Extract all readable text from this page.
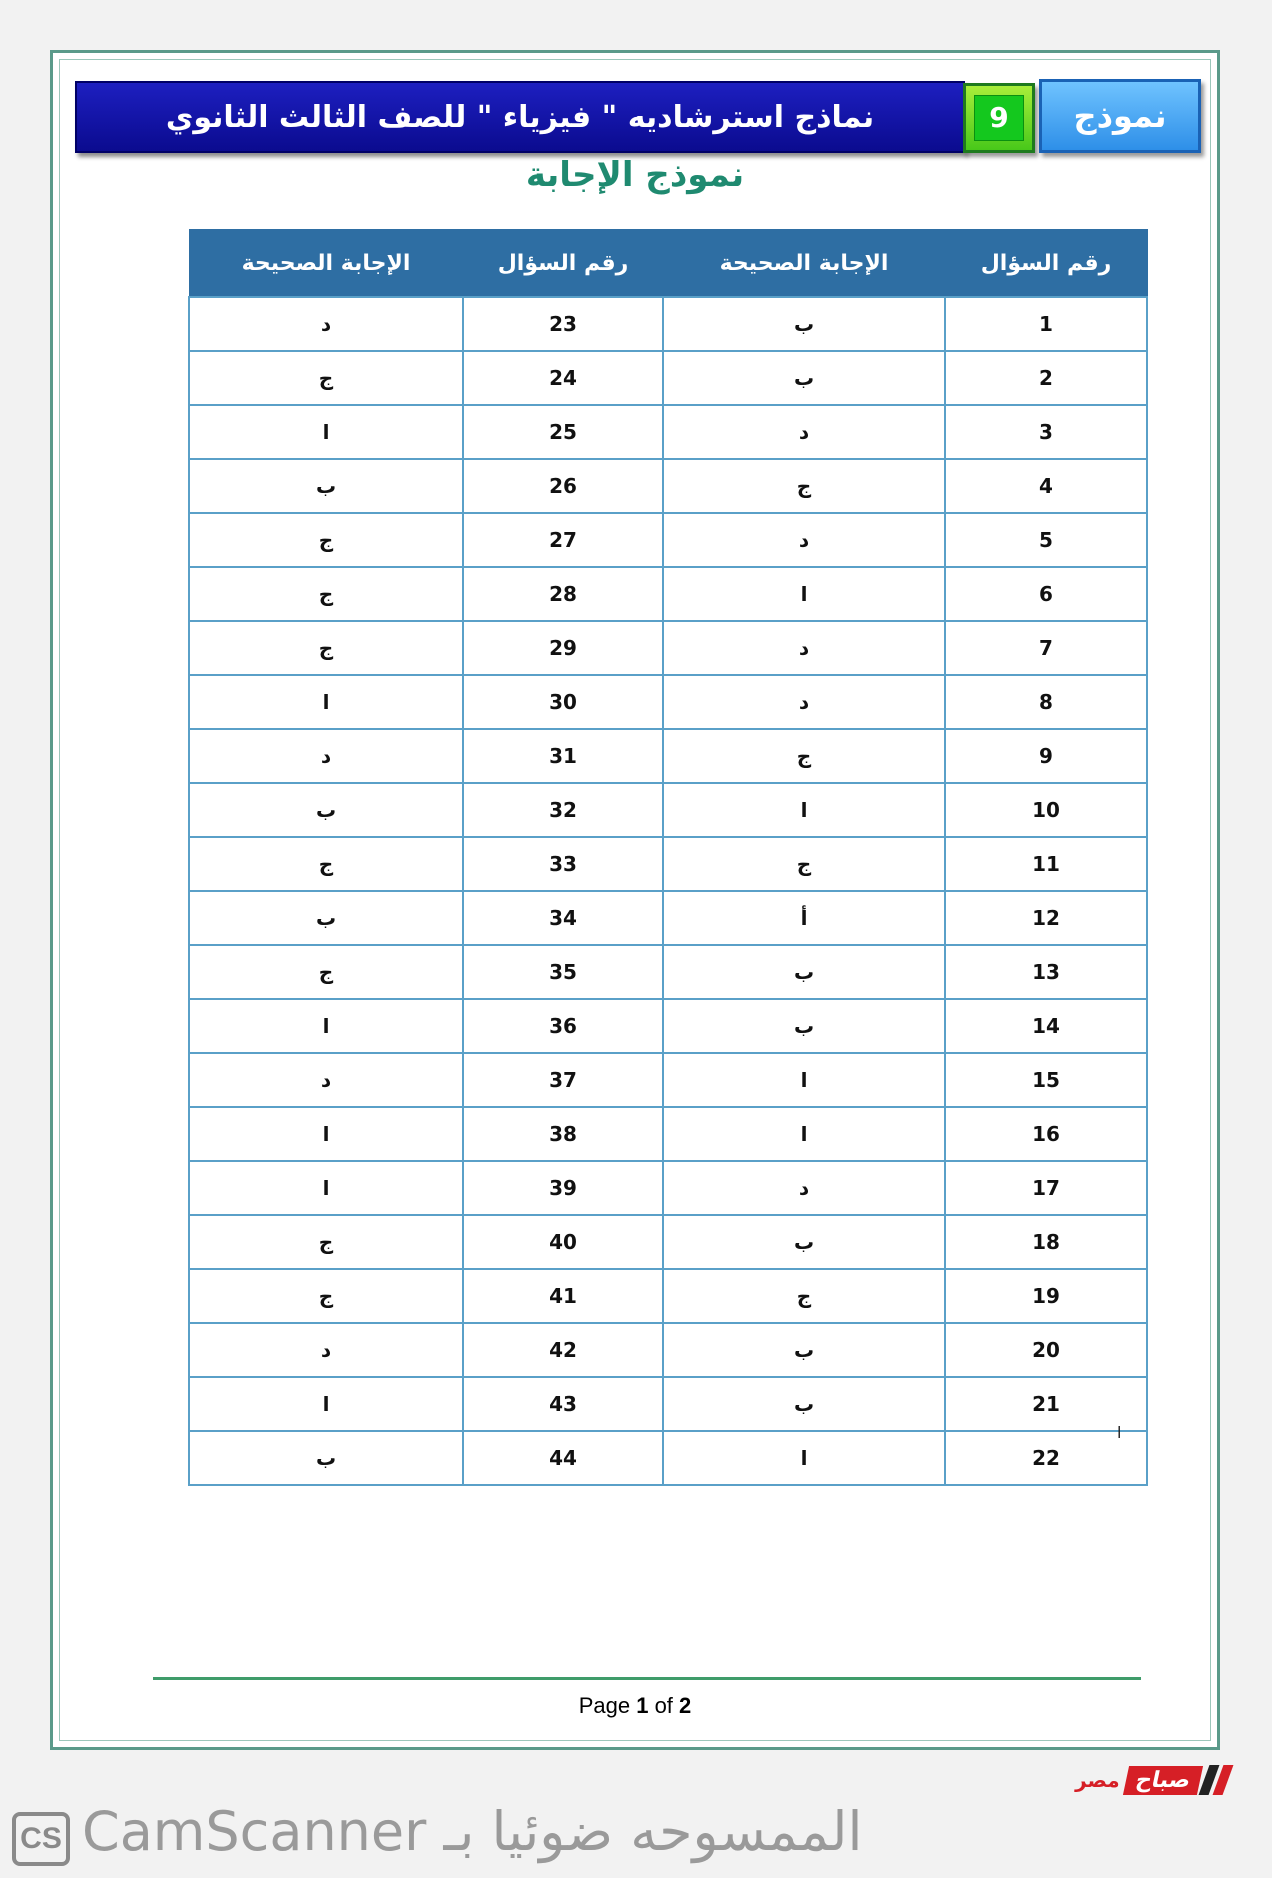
نماذج استرشاديه " فيزياء " للصف الثالث الثانوي	9	نموذج
نموذج الإجابة
رقم السؤال	الإجابة الصحيحة	رقم السؤال	الإجابة الصحيحة
1	ب	23	د
2	ب	24	ج
3	د	25	ا
4	ج	26	ب
5	د	27	ج
6	ا	28	ج
7	د	29	ج
8	د	30	ا
9	ج	31	د
10	ا	32	ب
11	ج	33	ج
12	أ	34	ب
13	ب	35	ج
14	ب	36	ا
15	ا	37	د
16	ا	38	ا
17	د	39	ا
18	ب	40	ج
19	ج	41	ج
20	ب	42	د
21	ب	43	ا
22	ا	44	ب
ا
Page 1 of 2
صباح
مصر
CS الممسوحه ضوئيا بـ CamScanner
